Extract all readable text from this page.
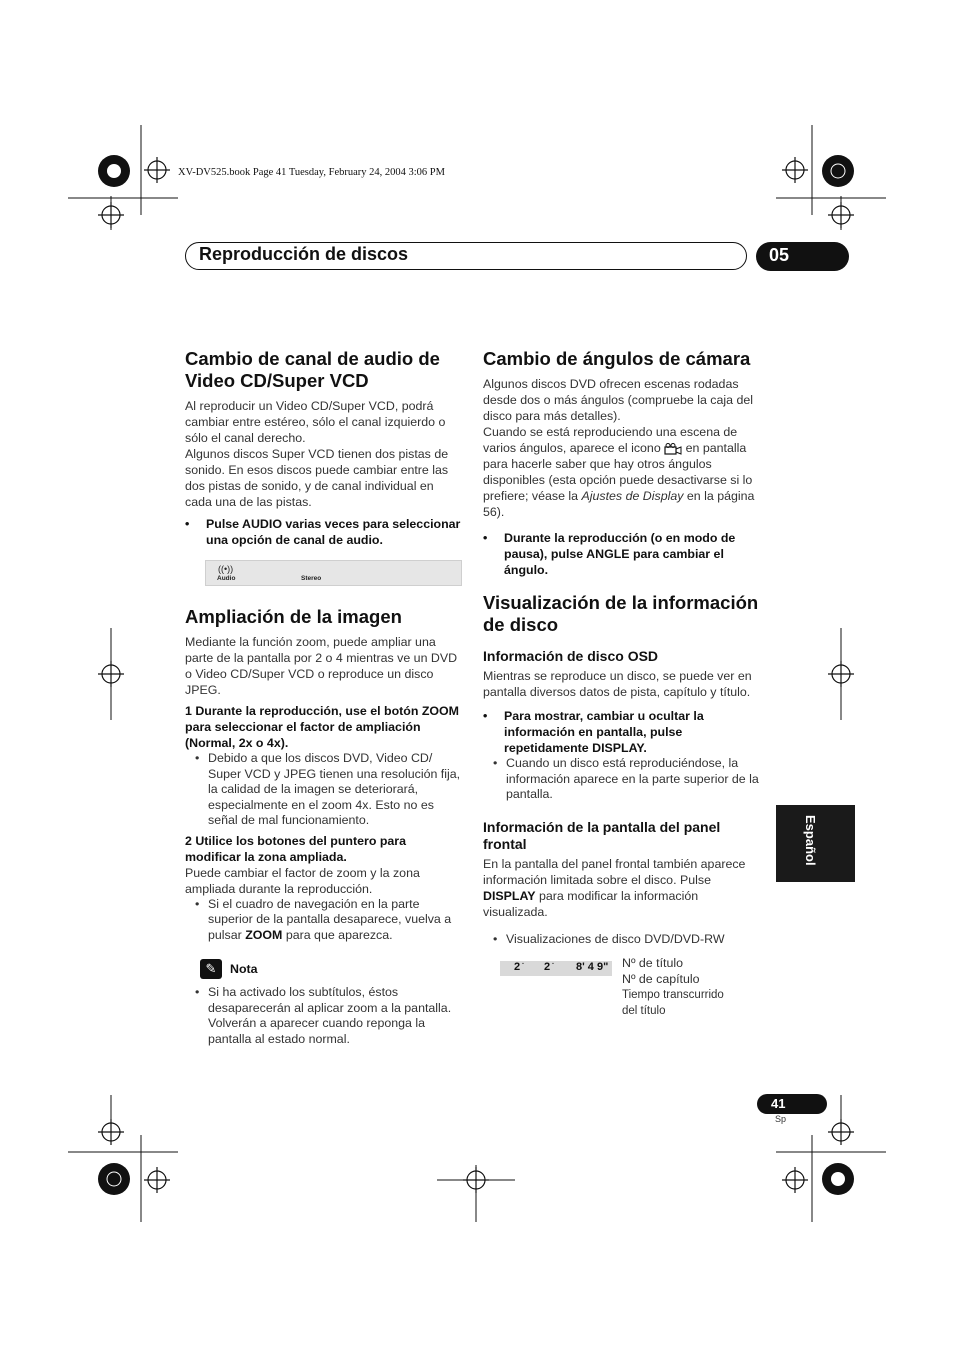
XV-DV525.book Page 41 Tuesday, February 24, 2004 3:06 PM
Reproducción de discos	05
Cambio de canal de audio de Video CD/Super VCD

Al reproducir un Video CD/Super VCD, podrá cambiar entre estéreo, sólo el canal izquierdo o sólo el canal derecho.

Algunos discos Super VCD tienen dos pistas de sonido. En esos discos puede cambiar entre las dos pistas de sonido, y de canal individual en cada una de las pistas.

• Pulse AUDIO varias veces para seleccionar una opción de canal de audio.

((•))
Audio	Stereo
Ampliación de la imagen

Mediante la función zoom, puede ampliar una parte de la pantalla por 2 o 4 mientras ve un DVD o Video CD/Super VCD o reproduce un disco JPEG.

1 Durante la reproducción, use el botón ZOOM para seleccionar el factor de ampliación (Normal, 2x o 4x).

• Debido a que los discos DVD, Video CD/ Super VCD y JPEG tienen una resolución fija, la calidad de la imagen se deteriorará, especialmente en el zoom 4x. Esto no es señal de mal funcionamiento.

2 Utilice los botones del puntero para modificar la zona ampliada.

Puede cambiar el factor de zoom y la zona ampliada durante la reproducción.

• Si el cuadro de navegación en la parte superior de la pantalla desaparece, vuelva a pulsar ZOOM para que aparezca.

✎	Nota

• Si ha activado los subtítulos, éstos desaparecerán al aplicar zoom a la pantalla. Volverán a aparecer cuando reponga la pantalla al estado normal.

Cambio de ángulos de cámara

Algunos discos DVD ofrecen escenas rodadas desde dos o más ángulos (compruebe la caja del disco para más detalles).

Cuando se está reproduciendo una escena de varios ángulos, aparece el icono  en pantalla para hacerle saber que hay otros ángulos disponibles (esta opción puede desactivarse si lo prefiere; véase la Ajustes de Display en la página 56).

• Durante la reproducción (o en modo de pausa), pulse ANGLE para cambiar el ángulo.

Visualización de la información de disco
Información de disco OSD

Mientras se reproduce un disco, se puede ver en pantalla diversos datos de pista, capítulo y título.

• Para mostrar, cambiar u ocultar la información en pantalla, pulse repetidamente DISPLAY.

• Cuando un disco está reproduciéndose, la información aparece en la parte superior de la pantalla.

Información de la pantalla del panel frontal

En la pantalla del panel frontal también aparece información limitada sobre el disco. Pulse DISPLAY para modificar la información visualizada.

• Visualizaciones de disco DVD/DVD-RW

2 · 2 · 8' 4 9" Nº de título

Nº de capítulo

Tiempo transcurrido

del título

Español
41
Sp
